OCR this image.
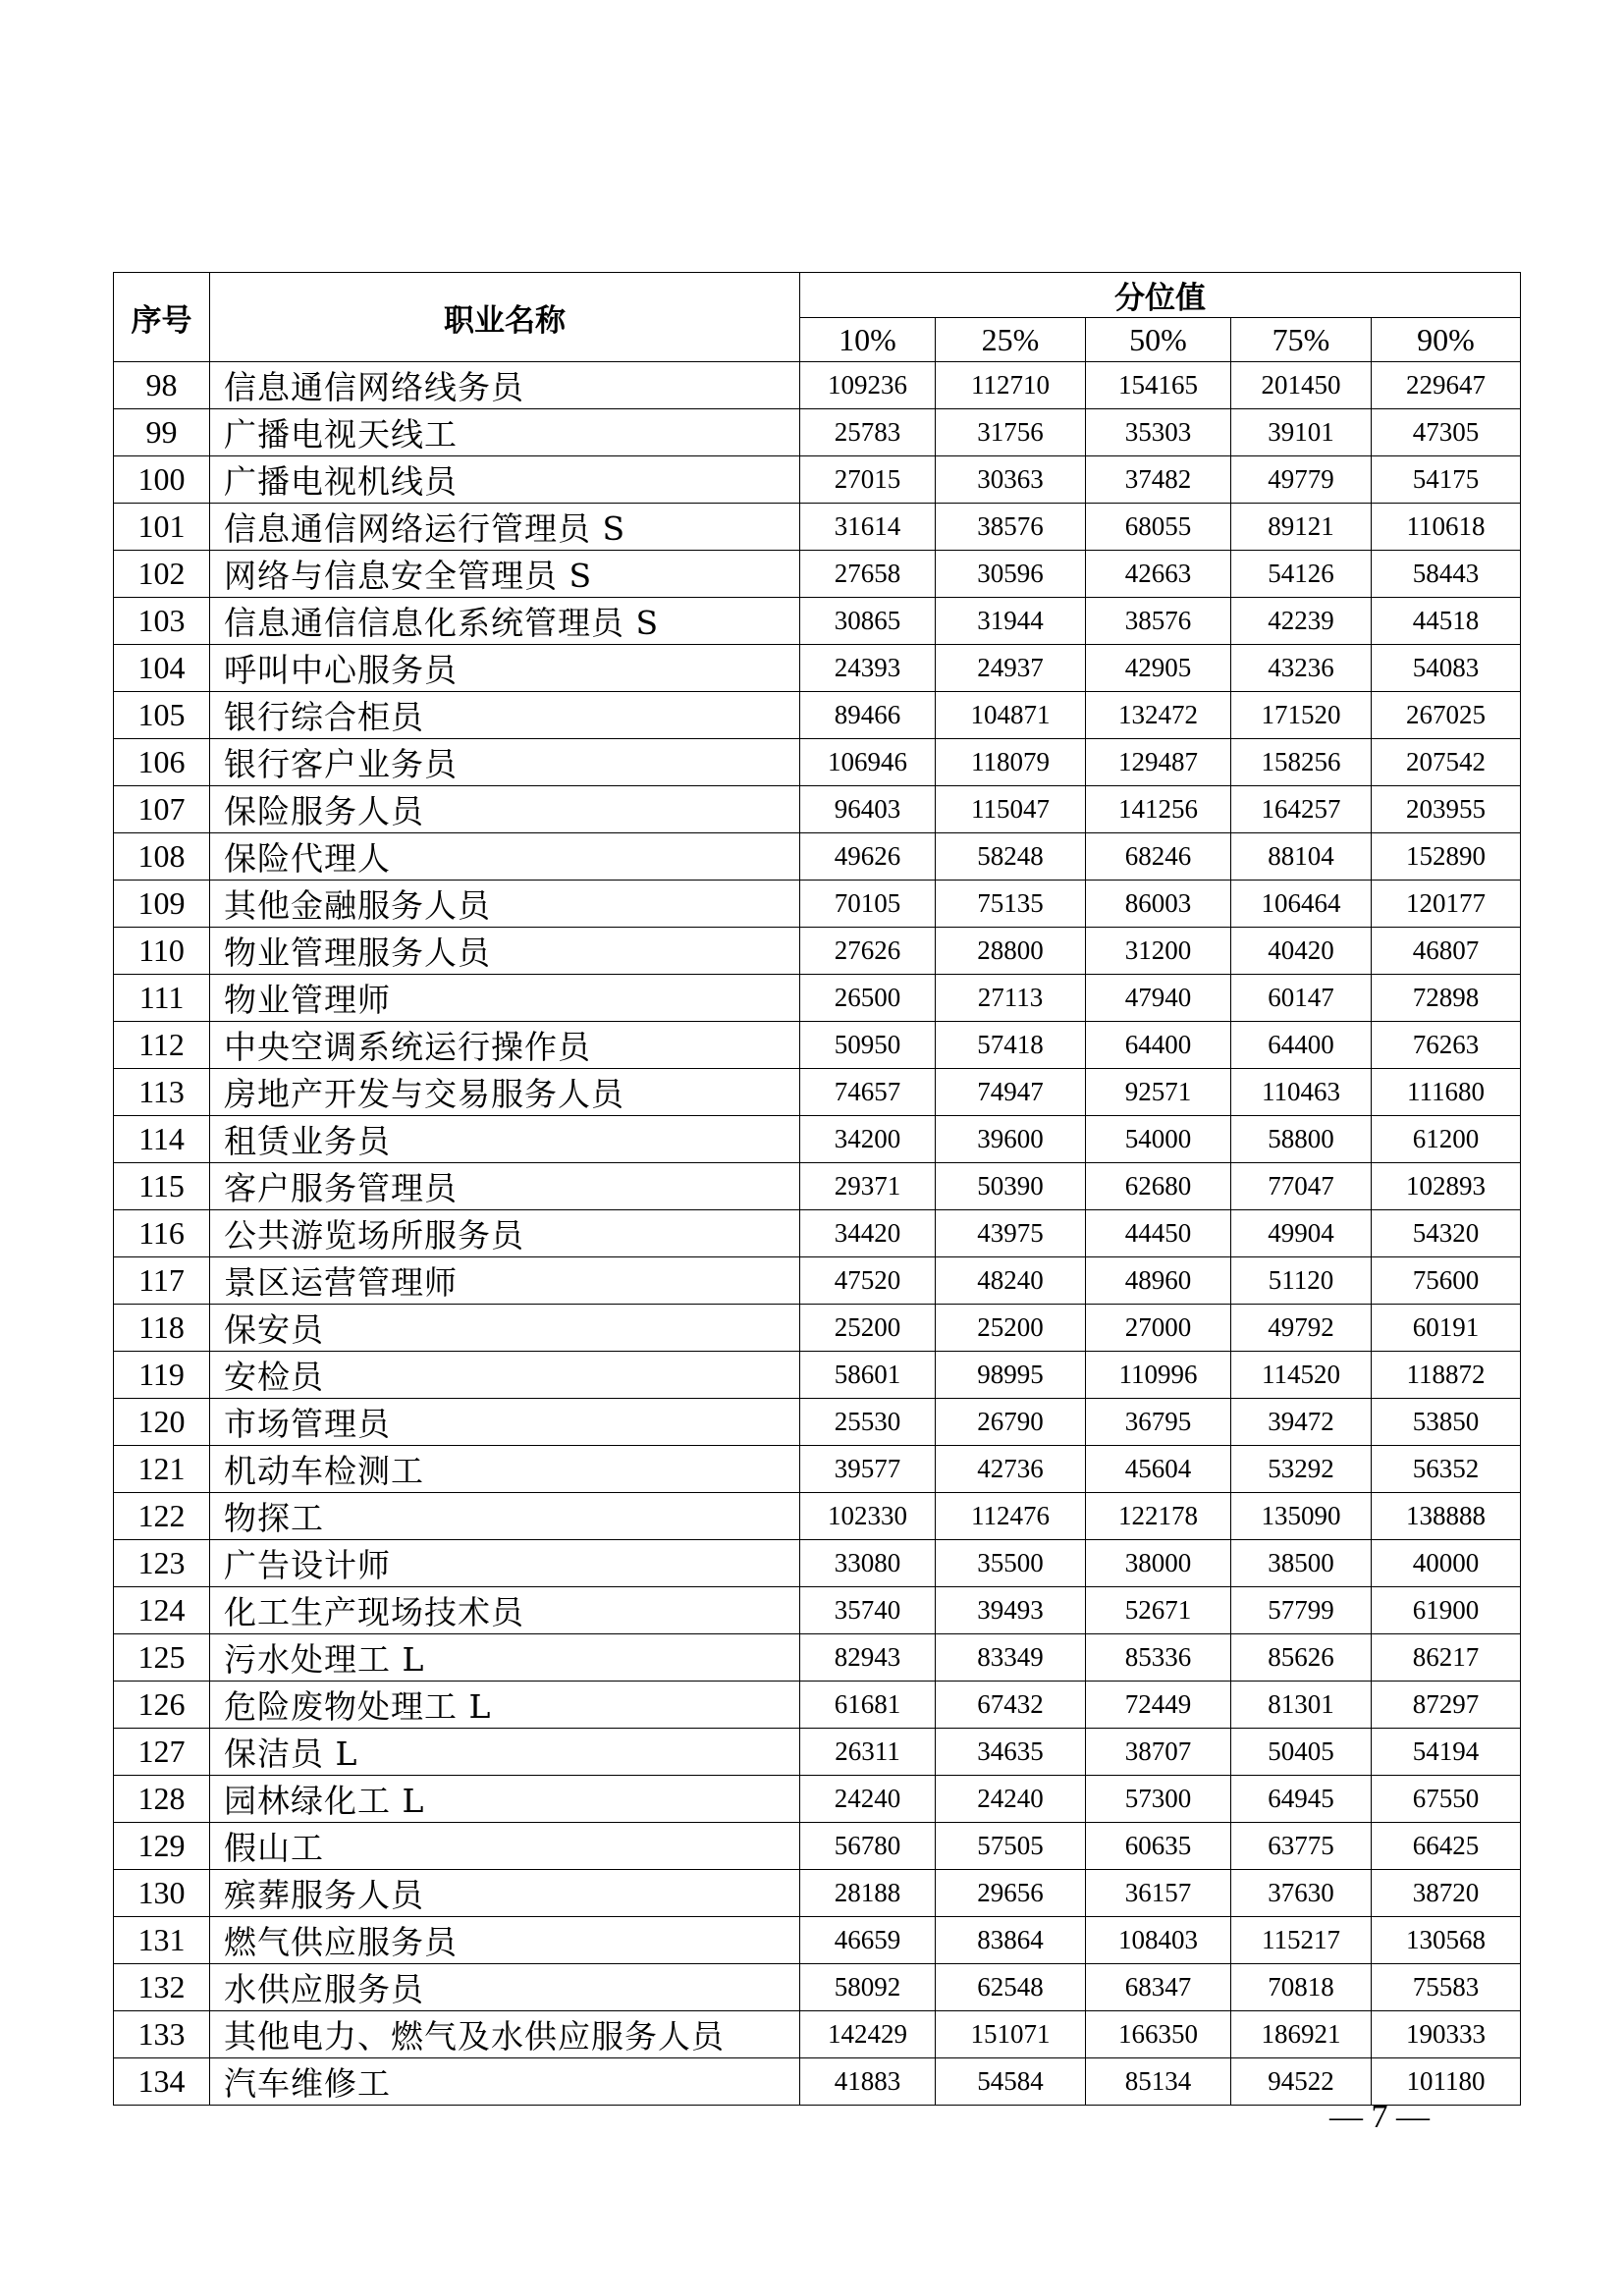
序号	职业名称	分位值				
		10%	25%	50%	75%	90%
98	信息通信网络线务员	109236	112710	154165	201450	229647
99	广播电视天线工	25783	31756	35303	39101	47305
100	广播电视机线员	27015	30363	37482	49779	54175
101	信息通信网络运行管理员 S	31614	38576	68055	89121	110618
102	网络与信息安全管理员 S	27658	30596	42663	54126	58443
103	信息通信信息化系统管理员 S	30865	31944	38576	42239	44518
104	呼叫中心服务员	24393	24937	42905	43236	54083
105	银行综合柜员	89466	104871	132472	171520	267025
106	银行客户业务员	106946	118079	129487	158256	207542
107	保险服务人员	96403	115047	141256	164257	203955
108	保险代理人	49626	58248	68246	88104	152890
109	其他金融服务人员	70105	75135	86003	106464	120177
110	物业管理服务人员	27626	28800	31200	40420	46807
111	物业管理师	26500	27113	47940	60147	72898
112	中央空调系统运行操作员	50950	57418	64400	64400	76263
113	房地产开发与交易服务人员	74657	74947	92571	110463	111680
114	租赁业务员	34200	39600	54000	58800	61200
115	客户服务管理员	29371	50390	62680	77047	102893
116	公共游览场所服务员	34420	43975	44450	49904	54320
117	景区运营管理师	47520	48240	48960	51120	75600
118	保安员	25200	25200	27000	49792	60191
119	安检员	58601	98995	110996	114520	118872
120	市场管理员	25530	26790	36795	39472	53850
121	机动车检测工	39577	42736	45604	53292	56352
122	物探工	102330	112476	122178	135090	138888
123	广告设计师	33080	35500	38000	38500	40000
124	化工生产现场技术员	35740	39493	52671	57799	61900
125	污水处理工 L	82943	83349	85336	85626	86217
126	危险废物处理工 L	61681	67432	72449	81301	87297
127	保洁员 L	26311	34635	38707	50405	54194
128	园林绿化工 L	24240	24240	57300	64945	67550
129	假山工	56780	57505	60635	63775	66425
130	殡葬服务人员	28188	29656	36157	37630	38720
131	燃气供应服务员	46659	83864	108403	115217	130568
132	水供应服务员	58092	62548	68347	70818	75583
133	其他电力、燃气及水供应服务人员	142429	151071	166350	186921	190333
134	汽车维修工	41883	54584	85134	94522	101180
— 7 —
